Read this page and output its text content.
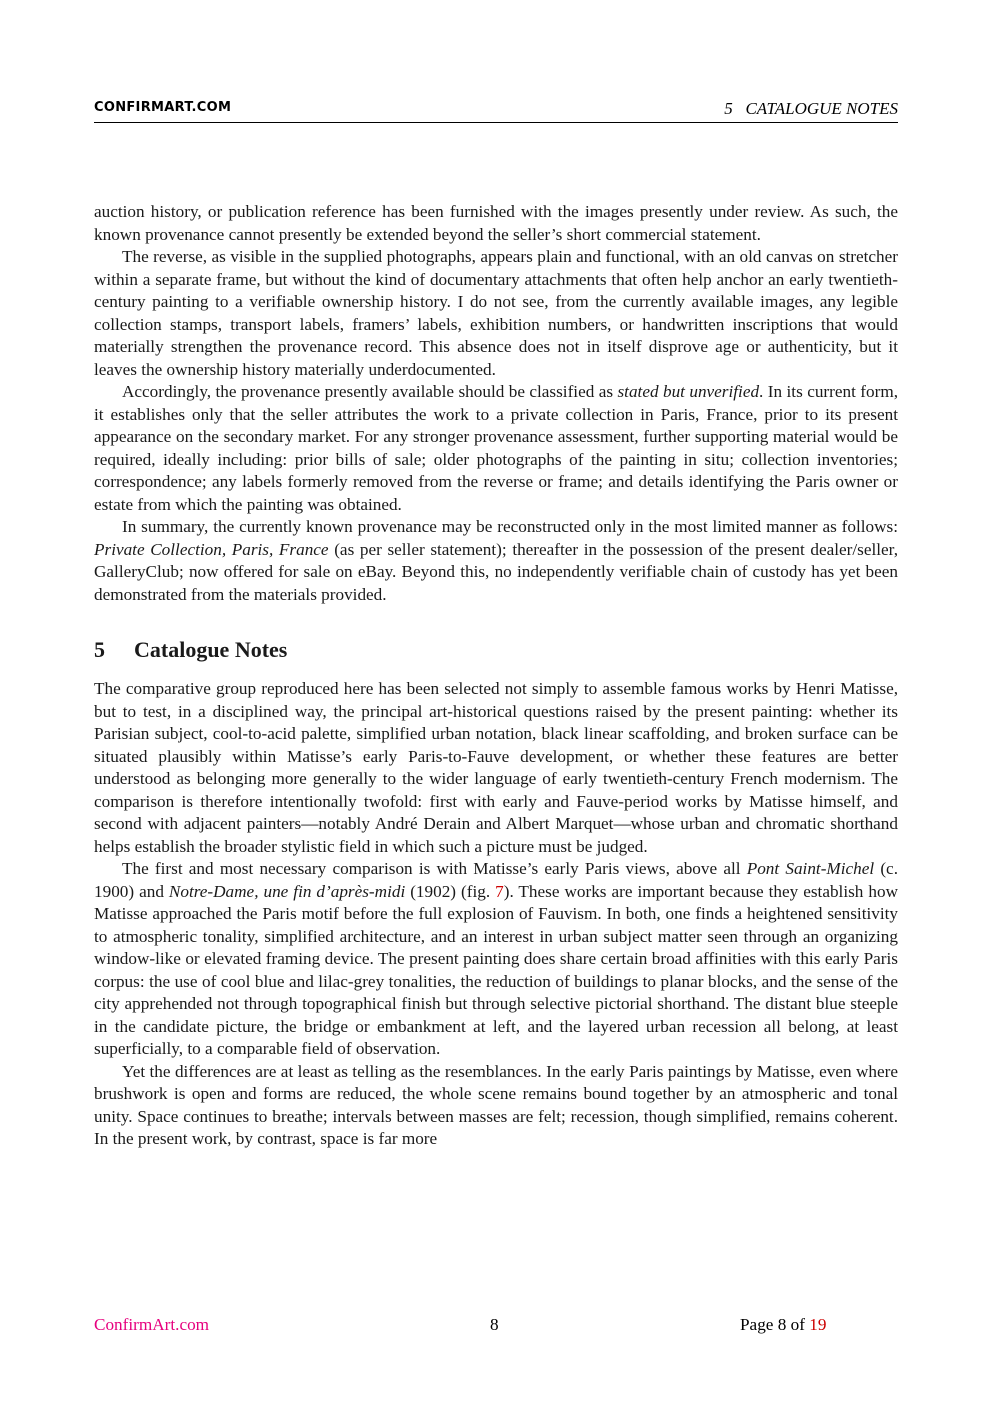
CONFIRMART.COM	5   CATALOGUE NOTES

auction history, or publication reference has been furnished with the images presently under review. As such, the known provenance cannot presently be extended beyond the seller’s short commercial statement.

The reverse, as visible in the supplied photographs, appears plain and functional, with an old canvas on stretcher within a separate frame, but without the kind of documentary attachments that often help anchor an early twentieth-century painting to a verifiable ownership history. I do not see, from the currently available images, any legible collection stamps, transport labels, framers’ labels, exhibition numbers, or handwritten inscriptions that would materially strengthen the provenance record. This absence does not in itself disprove age or authenticity, but it leaves the ownership history materially underdocumented.

Accordingly, the provenance presently available should be classified as stated but unverified. In its current form, it establishes only that the seller attributes the work to a private collection in Paris, France, prior to its present appearance on the secondary market. For any stronger provenance assessment, further supporting material would be required, ideally including: prior bills of sale; older photographs of the painting in situ; collection inventories; correspondence; any labels formerly removed from the reverse or frame; and details identifying the Paris owner or estate from which the painting was obtained.

In summary, the currently known provenance may be reconstructed only in the most limited manner as follows: Private Collection, Paris, France (as per seller statement); thereafter in the possession of the present dealer/seller, GalleryClub; now offered for sale on eBay. Beyond this, no independently verifiable chain of custody has yet been demonstrated from the materials provided.

5 Catalogue Notes

The comparative group reproduced here has been selected not simply to assemble famous works by Henri Matisse, but to test, in a disciplined way, the principal art-historical questions raised by the present painting: whether its Parisian subject, cool-to-acid palette, simplified urban notation, black linear scaffolding, and broken surface can be situated plausibly within Matisse’s early Paris-to-Fauve development, or whether these features are better understood as belonging more generally to the wider language of early twentieth-century French modernism. The comparison is therefore intentionally twofold: first with early and Fauve-period works by Matisse himself, and second with adjacent painters—notably André Derain and Albert Marquet—whose urban and chromatic shorthand helps establish the broader stylistic field in which such a picture must be judged.

The first and most necessary comparison is with Matisse’s early Paris views, above all Pont Saint-Michel (c. 1900) and Notre-Dame, une fin d’après-midi (1902) (fig. 7). These works are important because they establish how Matisse approached the Paris motif before the full explosion of Fauvism. In both, one finds a heightened sensitivity to atmospheric tonality, simplified architecture, and an interest in urban subject matter seen through an organizing window-like or elevated framing device. The present painting does share certain broad affinities with this early Paris corpus: the use of cool blue and lilac-grey tonalities, the reduction of buildings to planar blocks, and the sense of the city apprehended not through topographical finish but through selective pictorial shorthand. The distant blue steeple in the candidate picture, the bridge or embankment at left, and the layered urban recession all belong, at least superficially, to a comparable field of observation.

Yet the differences are at least as telling as the resemblances. In the early Paris paintings by Matisse, even where brushwork is open and forms are reduced, the whole scene remains bound together by an atmospheric and tonal unity. Space continues to breathe; intervals between masses are felt; recession, though simplified, remains coherent. In the present work, by contrast, space is far more

ConfirmArt.com	8	Page 8 of 19
